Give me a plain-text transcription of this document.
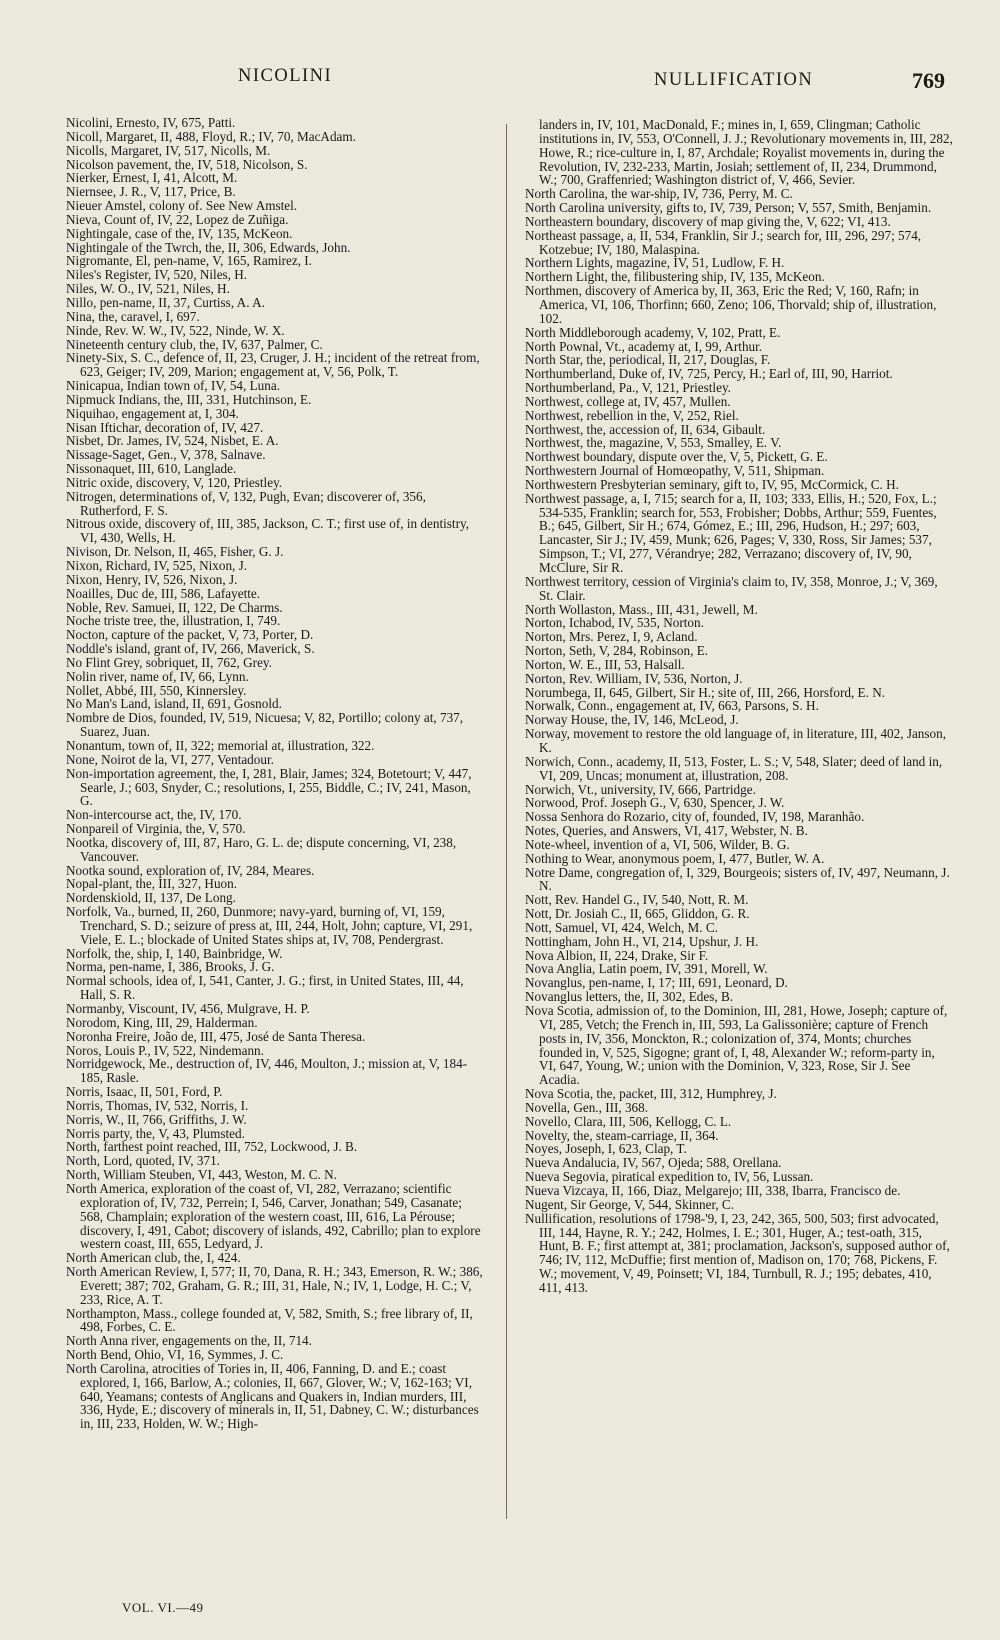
NICOLINI	NULLIFICATION	769

Nicolini, Ernesto, IV, 675, Patti.

Nicoll, Margaret, II, 488, Floyd, R.; IV, 70, MacAdam.

Nicolls, Margaret, IV, 517, Nicolls, M.

Nicolson pavement, the, IV, 518, Nicolson, S.

Nierker, Ernest, I, 41, Alcott, M.

Niernsee, J. R., V, 117, Price, B.

Nieuer Amstel, colony of. See New Amstel.

Nieva, Count of, IV, 22, Lopez de Zuñiga.

Nightingale, case of the, IV, 135, McKeon.

Nightingale of the Twrch, the, II, 306, Edwards, John.

Nigromante, El, pen-name, V, 165, Ramirez, I.

Niles's Register, IV, 520, Niles, H.

Niles, W. O., IV, 521, Niles, H.

Nillo, pen-name, II, 37, Curtiss, A. A.

Nina, the, caravel, I, 697.

Ninde, Rev. W. W., IV, 522, Ninde, W. X.

Nineteenth century club, the, IV, 637, Palmer, C.

Ninety-Six, S. C., defence of, II, 23, Cruger, J. H.; incident of the retreat from, 623, Geiger; IV, 209, Marion; engagement at, V, 56, Polk, T.

Ninicapua, Indian town of, IV, 54, Luna.

Nipmuck Indians, the, III, 331, Hutchinson, E.

Niquihao, engagement at, I, 304.

Nisan Iftichar, decoration of, IV, 427.

Nisbet, Dr. James, IV, 524, Nisbet, E. A.

Nissage-Saget, Gen., V, 378, Salnave.

Nissonaquet, III, 610, Langlade.

Nitric oxide, discovery, V, 120, Priestley.

Nitrogen, determinations of, V, 132, Pugh, Evan; discoverer of, 356, Rutherford, F. S.

Nitrous oxide, discovery of, III, 385, Jackson, C. T.; first use of, in dentistry, VI, 430, Wells, H.

Nivison, Dr. Nelson, II, 465, Fisher, G. J.

Nixon, Richard, IV, 525, Nixon, J.

Nixon, Henry, IV, 526, Nixon, J.

Noailles, Duc de, III, 586, Lafayette.

Noble, Rev. Samuei, II, 122, De Charms.

Noche triste tree, the, illustration, I, 749.

Nocton, capture of the packet, V, 73, Porter, D.

Noddle's island, grant of, IV, 266, Maverick, S.

No Flint Grey, sobriquet, II, 762, Grey.

Nolin river, name of, IV, 66, Lynn.

Nollet, Abbé, III, 550, Kinnersley.

No Man's Land, island, II, 691, Gosnold.

Nombre de Dios, founded, IV, 519, Nicuesa; V, 82, Portillo; colony at, 737, Suarez, Juan.

Nonantum, town of, II, 322; memorial at, illustration, 322.

None, Noirot de la, VI, 277, Ventadour.

Non-importation agreement, the, I, 281, Blair, James; 324, Botetourt; V, 447, Searle, J.; 603, Snyder, C.; resolutions, I, 255, Biddle, C.; IV, 241, Mason, G.

Non-intercourse act, the, IV, 170.

Nonpareil of Virginia, the, V, 570.

Nootka, discovery of, III, 87, Haro, G. L. de; dispute concerning, VI, 238, Vancouver.

Nootka sound, exploration of, IV, 284, Meares.

Nopal-plant, the, III, 327, Huon.

Nordenskiold, II, 137, De Long.

Norfolk, Va., burned, II, 260, Dunmore; navy-yard, burning of, VI, 159, Trenchard, S. D.; seizure of press at, III, 244, Holt, John; capture, VI, 291, Viele, E. L.; blockade of United States ships at, IV, 708, Pendergrast.

Norfolk, the, ship, I, 140, Bainbridge, W.

Norma, pen-name, I, 386, Brooks, J. G.

Normal schools, idea of, I, 541, Canter, J. G.; first, in United States, III, 44, Hall, S. R.

Normanby, Viscount, IV, 456, Mulgrave, H. P.

Norodom, King, III, 29, Halderman.

Noronha Freire, João de, III, 475, José de Santa Theresa.

Noros, Louis P., IV, 522, Nindemann.

Norridgewock, Me., destruction of, IV, 446, Moulton, J.; mission at, V, 184-185, Rasle.

Norris, Isaac, II, 501, Ford, P.

Norris, Thomas, IV, 532, Norris, I.

Norris, W., II, 766, Griffiths, J. W.

Norris party, the, V, 43, Plumsted.

North, farthest point reached, III, 752, Lockwood, J. B.

North, Lord, quoted, IV, 371.

North, William Steuben, VI, 443, Weston, M. C. N.

North America, exploration of the coast of, VI, 282, Verrazano; scientific exploration of, IV, 732, Perrein; I, 546, Carver, Jonathan; 549, Casanate; 568, Champlain; exploration of the western coast, III, 616, La Pérouse; discovery, I, 491, Cabot; discovery of islands, 492, Cabrillo; plan to explore western coast, III, 655, Ledyard, J.

North American club, the, I, 424.

North American Review, I, 577; II, 70, Dana, R. H.; 343, Emerson, R. W.; 386, Everett; 387; 702, Graham, G. R.; III, 31, Hale, N.; IV, 1, Lodge, H. C.; V, 233, Rice, A. T.

Northampton, Mass., college founded at, V, 582, Smith, S.; free library of, II, 498, Forbes, C. E.

North Anna river, engagements on the, II, 714.

North Bend, Ohio, VI, 16, Symmes, J. C.

North Carolina, atrocities of Tories in, II, 406, Fanning, D. and E.; coast explored, I, 166, Barlow, A.; colonies, II, 667, Glover, W.; V, 162-163; VI, 640, Yeamans; contests of Anglicans and Quakers in, Indian murders, III, 336, Hyde, E.; discovery of minerals in, II, 51, Dabney, C. W.; disturbances in, III, 233, Holden, W. W.; High-

landers in, IV, 101, MacDonald, F.; mines in, I, 659, Clingman; Catholic institutions in, IV, 553, O'Connell, J. J.; Revolutionary movements in, III, 282, Howe, R.; rice-culture in, I, 87, Archdale; Royalist movements in, during the Revolution, IV, 232-233, Martin, Josiah; settlement of, II, 234, Drummond, W.; 700, Graffenried; Washington district of, V, 466, Sevier.

North Carolina, the war-ship, IV, 736, Perry, M. C.

North Carolina university, gifts to, IV, 739, Person; V, 557, Smith, Benjamin.

Northeastern boundary, discovery of map giving the, V, 622; VI, 413.

Northeast passage, a, II, 534, Franklin, Sir J.; search for, III, 296, 297; 574, Kotzebue; IV, 180, Malaspina.

Northern Lights, magazine, IV, 51, Ludlow, F. H.

Northern Light, the, filibustering ship, IV, 135, McKeon.

Northmen, discovery of America by, II, 363, Eric the Red; V, 160, Rafn; in America, VI, 106, Thorfinn; 660, Zeno; 106, Thorvald; ship of, illustration, 102.

North Middleborough academy, V, 102, Pratt, E.

North Pownal, Vt., academy at, I, 99, Arthur.

North Star, the, periodical, II, 217, Douglas, F.

Northumberland, Duke of, IV, 725, Percy, H.; Earl of, III, 90, Harriot.

Northumberland, Pa., V, 121, Priestley.

Northwest, college at, IV, 457, Mullen.

Northwest, rebellion in the, V, 252, Riel.

Northwest, the, accession of, II, 634, Gibault.

Northwest, the, magazine, V, 553, Smalley, E. V.

Northwest boundary, dispute over the, V, 5, Pickett, G. E.

Northwestern Journal of Homœopathy, V, 511, Shipman.

Northwestern Presbyterian seminary, gift to, IV, 95, McCormick, C. H.

Northwest passage, a, I, 715; search for a, II, 103; 333, Ellis, H.; 520, Fox, L.; 534-535, Franklin; search for, 553, Frobisher; Dobbs, Arthur; 559, Fuentes, B.; 645, Gilbert, Sir H.; 674, Gómez, E.; III, 296, Hudson, H.; 297; 603, Lancaster, Sir J.; IV, 459, Munk; 626, Pages; V, 330, Ross, Sir James; 537, Simpson, T.; VI, 277, Vérandrye; 282, Verrazano; discovery of, IV, 90, McClure, Sir R.

Northwest territory, cession of Virginia's claim to, IV, 358, Monroe, J.; V, 369, St. Clair.

North Wollaston, Mass., III, 431, Jewell, M.

Norton, Ichabod, IV, 535, Norton.

Norton, Mrs. Perez, I, 9, Acland.

Norton, Seth, V, 284, Robinson, E.

Norton, W. E., III, 53, Halsall.

Norton, Rev. William, IV, 536, Norton, J.

Norumbega, II, 645, Gilbert, Sir H.; site of, III, 266, Horsford, E. N.

Norwalk, Conn., engagement at, IV, 663, Parsons, S. H.

Norway House, the, IV, 146, McLeod, J.

Norway, movement to restore the old language of, in literature, III, 402, Janson, K.

Norwich, Conn., academy, II, 513, Foster, L. S.; V, 548, Slater; deed of land in, VI, 209, Uncas; monument at, illustration, 208.

Norwich, Vt., university, IV, 666, Partridge.

Norwood, Prof. Joseph G., V, 630, Spencer, J. W.

Nossa Senhora do Rozario, city of, founded, IV, 198, Maranhão.

Notes, Queries, and Answers, VI, 417, Webster, N. B.

Note-wheel, invention of a, VI, 506, Wilder, B. G.

Nothing to Wear, anonymous poem, I, 477, Butler, W. A.

Notre Dame, congregation of, I, 329, Bourgeois; sisters of, IV, 497, Neumann, J. N.

Nott, Rev. Handel G., IV, 540, Nott, R. M.

Nott, Dr. Josiah C., II, 665, Gliddon, G. R.

Nott, Samuel, VI, 424, Welch, M. C.

Nottingham, John H., VI, 214, Upshur, J. H.

Nova Albion, II, 224, Drake, Sir F.

Nova Anglia, Latin poem, IV, 391, Morell, W.

Novanglus, pen-name, I, 17; III, 691, Leonard, D.

Novanglus letters, the, II, 302, Edes, B.

Nova Scotia, admission of, to the Dominion, III, 281, Howe, Joseph; capture of, VI, 285, Vetch; the French in, III, 593, La Galissonière; capture of French posts in, IV, 356, Monckton, R.; colonization of, 374, Monts; churches founded in, V, 525, Sigogne; grant of, I, 48, Alexander W.; reform-party in, VI, 647, Young, W.; union with the Dominion, V, 323, Rose, Sir J. See Acadia.

Nova Scotia, the, packet, III, 312, Humphrey, J.

Novella, Gen., III, 368.

Novello, Clara, III, 506, Kellogg, C. L.

Novelty, the, steam-carriage, II, 364.

Noyes, Joseph, I, 623, Clap, T.

Nueva Andalucia, IV, 567, Ojeda; 588, Orellana.

Nueva Segovia, piratical expedition to, IV, 56, Lussan.

Nueva Vizcaya, II, 166, Diaz, Melgarejo; III, 338, Ibarra, Francisco de.

Nugent, Sir George, V, 544, Skinner, C.

Nullification, resolutions of 1798-'9, I, 23, 242, 365, 500, 503; first advocated, III, 144, Hayne, R. Y.; 242, Holmes, I. E.; 301, Huger, A.; test-oath, 315, Hunt, B. F.; first attempt at, 381; proclamation, Jackson's, supposed author of, 746; IV, 112, McDuffie; first mention of, Madison on, 170; 768, Pickens, F. W.; movement, V, 49, Poinsett; VI, 184, Turnbull, R. J.; 195; debates, 410, 411, 413.

VOL. VI.—49
